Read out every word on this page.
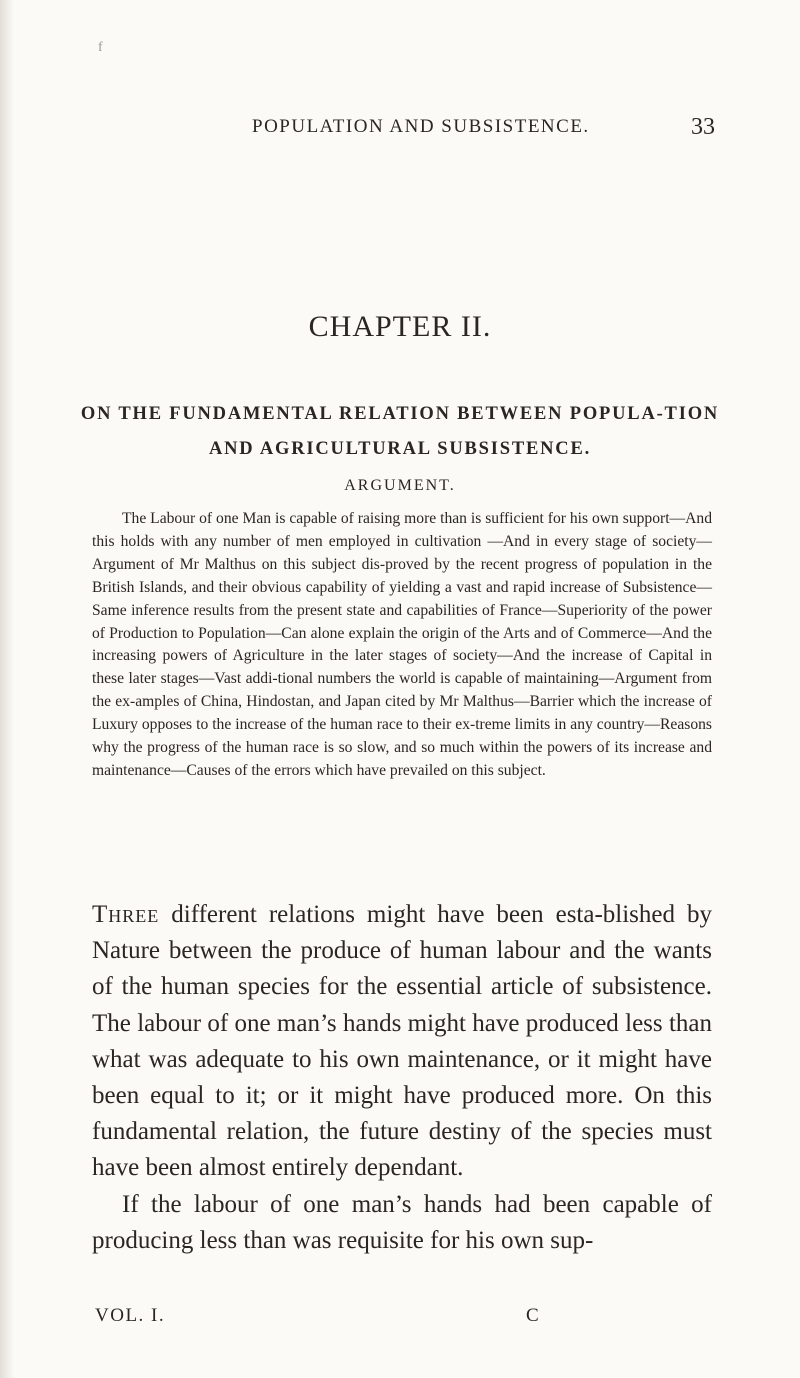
f
POPULATION AND SUBSISTENCE.	33
CHAPTER II.
ON THE FUNDAMENTAL RELATION BETWEEN POPULA-TION AND AGRICULTURAL SUBSISTENCE.
ARGUMENT.

The Labour of one Man is capable of raising more than is sufficient for his own support—And this holds with any number of men employed in cultivation —And in every stage of society—Argument of Mr Malthus on this subject dis-proved by the recent progress of population in the British Islands, and their obvious capability of yielding a vast and rapid increase of Subsistence—Same inference results from the present state and capabilities of France—Superiority of the power of Production to Population—Can alone explain the origin of the Arts and of Commerce—And the increasing powers of Agriculture in the later stages of society—And the increase of Capital in these later stages—Vast addi-tional numbers the world is capable of maintaining—Argument from the ex-amples of China, Hindostan, and Japan cited by Mr Malthus—Barrier which the increase of Luxury opposes to the increase of the human race to their ex-treme limits in any country—Reasons why the progress of the human race is so slow, and so much within the powers of its increase and maintenance—Causes of the errors which have prevailed on this subject.

Three different relations might have been esta-blished by Nature between the produce of human labour and the wants of the human species for the essential article of subsistence. The labour of one man’s hands might have produced less than what was adequate to his own maintenance, or it might have been equal to it; or it might have produced more. On this fundamental relation, the future destiny of the species must have been almost entirely dependant.

If the labour of one man’s hands had been capable of producing less than was requisite for his own sup-

VOL. I.	C
